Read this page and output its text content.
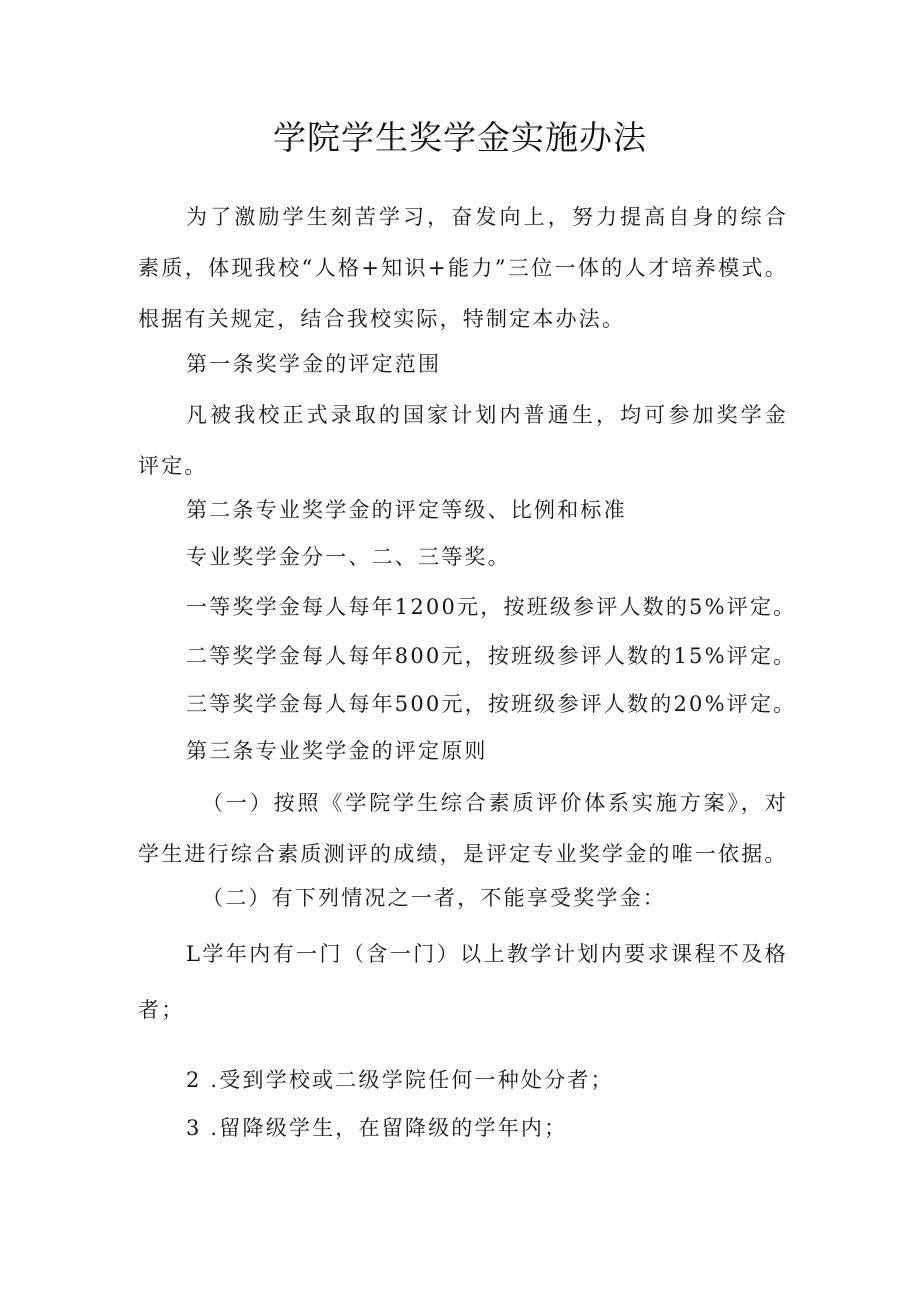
学院学生奖学金实施办法
为了激励学生刻苦学习，奋发向上，努力提高自身的综合素质，体现我校“人格+知识+能力”三位一体的人才培养模式。根据有关规定，结合我校实际，特制定本办法。
第一条奖学金的评定范围
凡被我校正式录取的国家计划内普通生，均可参加奖学金评定。
第二条专业奖学金的评定等级、比例和标准
专业奖学金分一、二、三等奖。
一等奖学金每人每年1200元，按班级参评人数的5%评定。
二等奖学金每人每年800元，按班级参评人数的15%评定。
三等奖学金每人每年500元，按班级参评人数的20%评定。
第三条专业奖学金的评定原则
（一）按照《学院学生综合素质评价体系实施方案》，对学生进行综合素质测评的成绩，是评定专业奖学金的唯一依据。
（二）有下列情况之一者，不能享受奖学金：
L学年内有一门（含一门）以上教学计划内要求课程不及格者；
2 .受到学校或二级学院任何一种处分者；
3 .留降级学生，在留降级的学年内；
